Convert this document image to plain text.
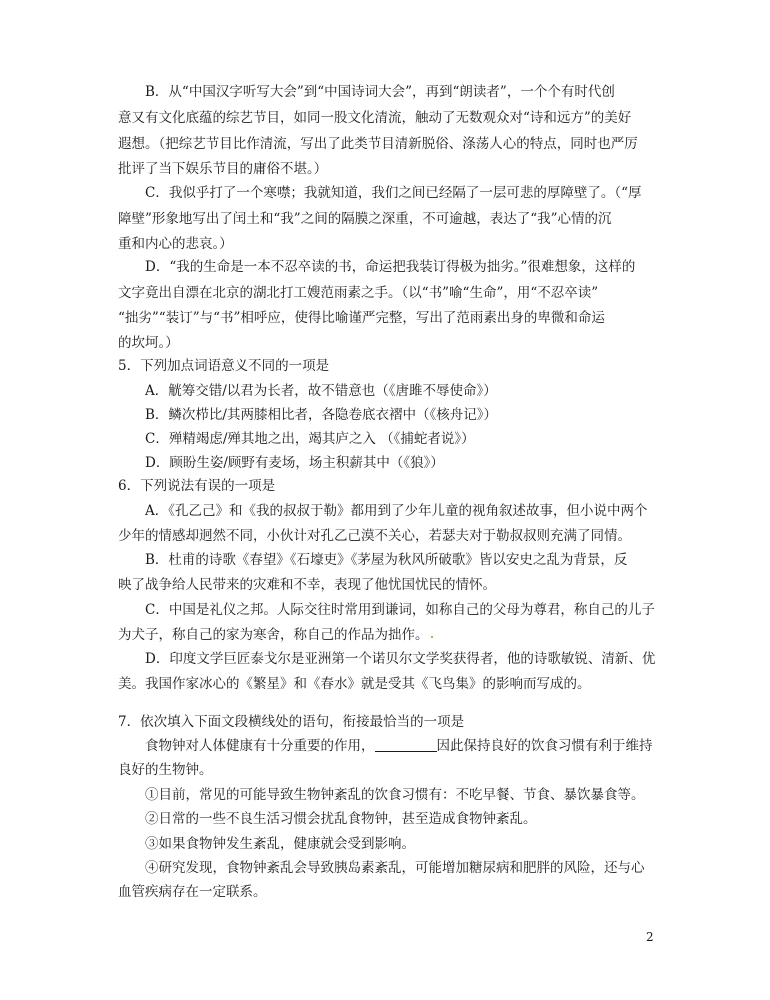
B．从“中国汉字听写大会”到“中国诗词大会”，再到“朗读者”，一个个有时代创
意又有文化底蕴的综艺节目，如同一股文化清流，触动了无数观众对“诗和远方”的美好
遐想。（把综艺节目比作清流，写出了此类节目清新脱俗、涤荡人心的特点，同时也严厉
批评了当下娱乐节目的庸俗不堪。）
C．我似乎打了一个寒噤；我就知道，我们之间已经隔了一层可悲的厚障壁了。（“厚
障壁”形象地写出了闰土和“我”之间的隔膜之深重，不可逾越，表达了“我”心情的沉
重和内心的悲哀。）
D．“我的生命是一本不忍卒读的书，命运把我装订得极为拙劣。”很难想象，这样的
文字竟出自漂在北京的湖北打工嫂范雨素之手。（以“书”喻“生命”，用“不忍卒读”
“拙劣”“装订”与“书”相呼应，使得比喻谨严完整，写出了范雨素出身的卑微和命运
的坎坷。）
5．下列加点词语意义不同的一项是
A．觥筹交错/以君为长者，故不错意也（《唐雎不辱使命》）
B．鳞次栉比/其两膝相比者，各隐卷底衣褶中（《核舟记》）
C．殚精竭虑/殚其地之出，竭其庐之入 （《捕蛇者说》）
D．顾盼生姿/顾野有麦场，场主积薪其中（《狼》）
6．下列说法有误的一项是
A．《孔乙己》和《我的叔叔于勒》都用到了少年儿童的视角叙述故事，但小说中两个
少年的情感却迥然不同，小伙计对孔乙己漠不关心，若瑟夫对于勒叔叔则充满了同情。
B．杜甫的诗歌《春望》《石壕吏》《茅屋为秋风所破歌》皆以安史之乱为背景，反
映了战争给人民带来的灾难和不幸，表现了他忧国忧民的情怀。
C．中国是礼仪之邦。人际交往时常用到谦词，如称自己的父母为尊君，称自己的儿子
为犬子，称自己的家为寒舍，称自己的作品为拙作。
D．印度文学巨匠泰戈尔是亚洲第一个诺贝尔文学奖获得者，他的诗歌敏锐、清新、优
美。我国作家冰心的《繁星》和《春水》就是受其《飞鸟集》的影响而写成的。
7．依次填入下面文段横线处的语句，衔接最恰当的一项是
食物钟对人体健康有十分重要的作用，	因此保持良好的饮食习惯有利于维持
良好的生物钟。
①目前，常见的可能导致生物钟紊乱的饮食习惯有：不吃早餐、节食、暴饮暴食等。
②日常的一些不良生活习惯会扰乱食物钟，甚至造成食物钟紊乱。
③如果食物钟发生紊乱，健康就会受到影响。
④研究发现，食物钟紊乱会导致胰岛素紊乱，可能增加糖尿病和肥胖的风险，还与心
血管疾病存在一定联系。
2
